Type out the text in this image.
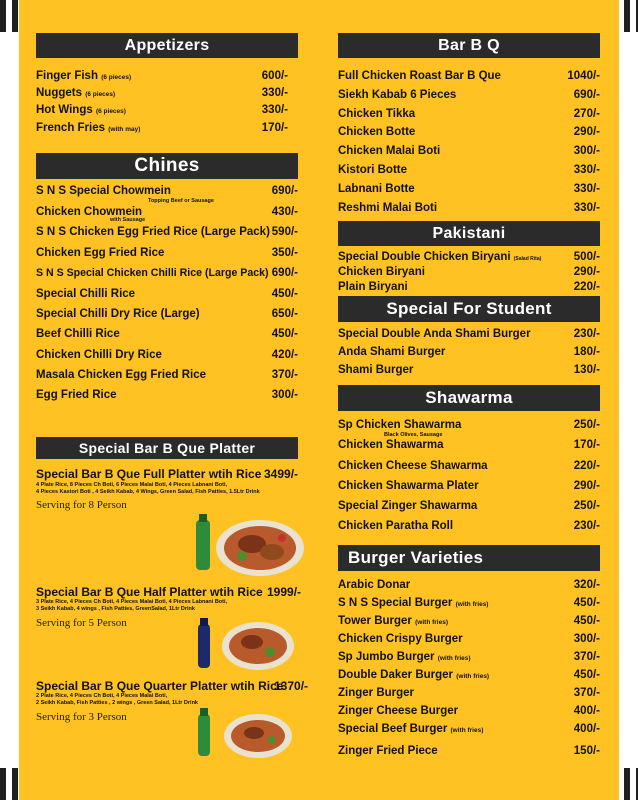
Appetizers
Finger Fish (6 pieces)	600/-
Nuggets (6 pieces)	330/-
Hot Wings (6 pieces)	330/-
French Fries (with may)	170/-
Chines
S N S Special Chowmein	690/-
Topping Beef or Sausage
Chicken Chowmein	430/-
with Sausage
S N S Chicken Egg Fried Rice (Large Pack) 590/-
Chicken Egg Fried Rice	350/-
S N S Special Chicken Chilli Rice (Large Pack) 690/-
Special Chilli Rice	450/-
Special Chilli Dry Rice (Large)	650/-
Beef Chilli Rice	450/-
Chicken Chilli Dry Rice	420/-
Masala Chicken Egg Fried Rice	370/-
Egg Fried Rice	300/-
Special Bar B Que Platter
Special Bar B Que Full Platter wtih Rice 3499/-
4 Plate Rice, 8 Pieces Ch Boti, 6 Pieces Malai Boti, 4 Pieces Labnani Boti,
4 Pieces Kastori Boti , 4 Seikh Kabab, 4 Wings, Green Salad, Fish Patties, 1.5Ltr Drink
Serving for 8 Person
Special Bar B Que Half Platter wtih Rice 1999/-
3 Plate Rice, 4 Pieces Ch Boti, 4 Pieces Malai Boti, 4 Pieces Labnani Boti,
3 Seikh Kabab, 4 wings , Fish Patties, GreenSalad, 1Ltr Drink
Serving for 5 Person
Special Bar B Que Quarter Platter wtih Rice
1370/-
2 Plate Rice, 4 Pieces Ch Boti, 4 Pieces Malai Boti,
2 Seikh Kabab, Fish Patties , 2 wings , Green Salad, 1Ltr Drink
Serving for 3 Person
Bar B Q
Full Chicken Roast Bar B Que	1040/-
Siekh Kabab 6 Pieces	690/-
Chicken Tikka	270/-
Chicken Botte	290/-
Chicken Malai Boti	300/-
Kistori Botte	330/-
Labnani Botte	330/-
Reshmi Malai Boti	330/-
Pakistani
Special Double Chicken Biryani (Salad Rita)	500/-
Chicken Biryani	290/-
Plain Biryani	220/-
Special For Student
Special Double Anda Shami Burger	230/-
Anda Shami Burger	180/-
Shami Burger	130/-
Shawarma
Sp Chicken Shawarma	250/-
Black Olives, Sausage
Chicken Shawarma	170/-
Chicken Cheese Shawarma	220/-
Chicken Shawarma Plater	290/-
Special Zinger Shawarma	250/-
Chicken Paratha Roll	230/-
Burger Varieties
Arabic Donar	320/-
S N S Special Burger (with fries)	450/-
Tower Burger (with fries)	450/-
Chicken Crispy Burger	300/-
Sp Jumbo Burger (with fries)	370/-
Double Daker Burger (with fries)	450/-
Zinger Burger	370/-
Zinger Cheese Burger	400/-
Special Beef Burger (with fries)	400/-
Zinger Fried Piece	150/-
